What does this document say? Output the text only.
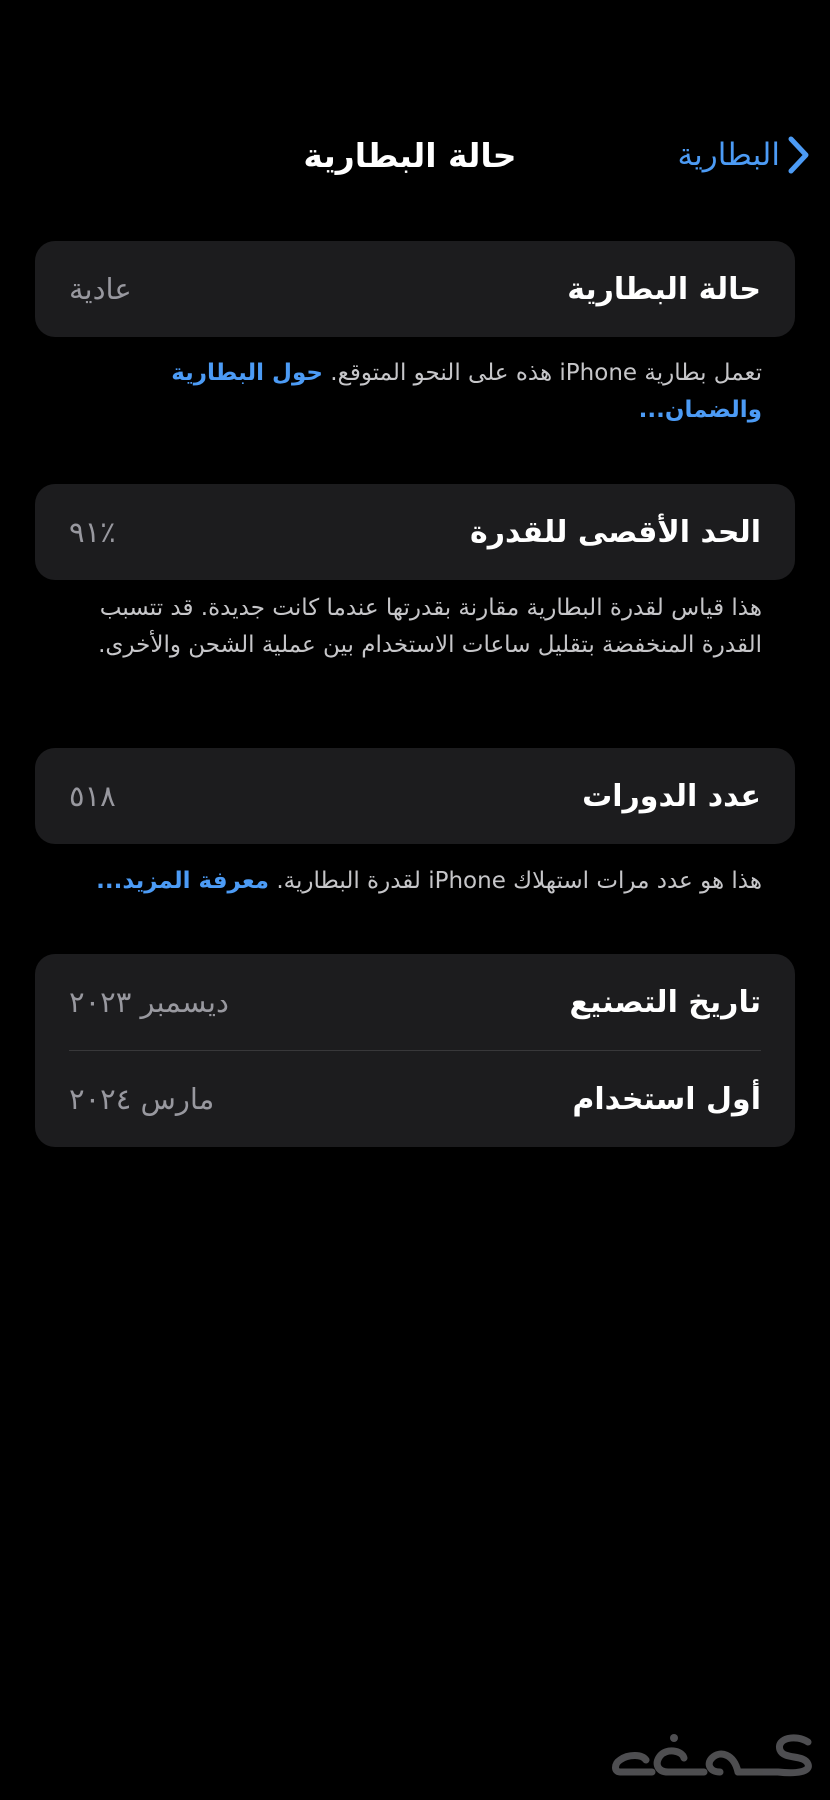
البطارية
حالة البطارية
حالة البطارية
عادية
تعمل بطارية iPhone هذه على النحو المتوقع. حول البطارية والضمان...
الحد الأقصى للقدرة
٪٩١
هذا قياس لقدرة البطارية مقارنة بقدرتها عندما كانت جديدة. قد تتسبب القدرة المنخفضة بتقليل ساعات الاستخدام بين عملية الشحن والأخرى.
عدد الدورات
٥١٨
هذا هو عدد مرات استهلاك iPhone لقدرة البطارية. معرفة المزيد...
تاريخ التصنيع
ديسمبر ٢٠٢٣
أول استخدام
مارس ٢٠٢٤
